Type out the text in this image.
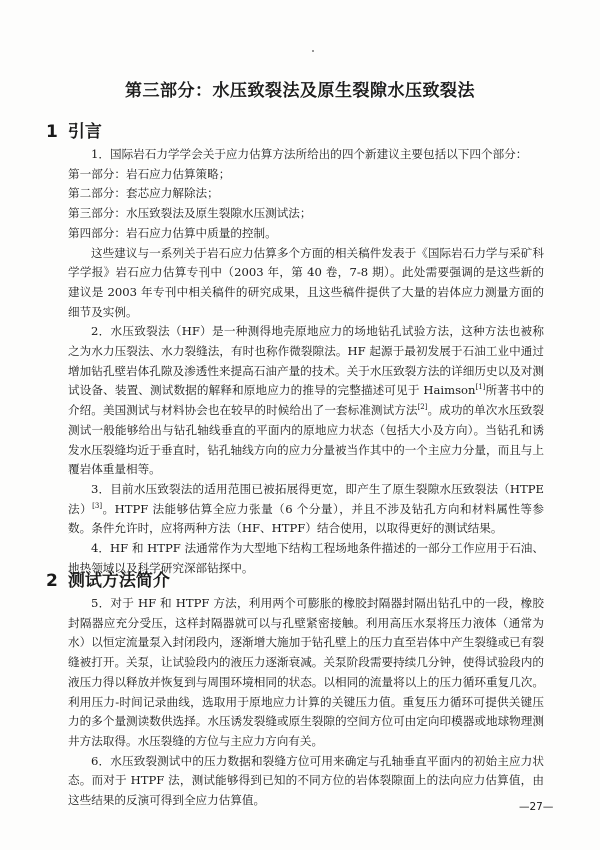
第三部分：水压致裂法及原生裂隙水压致裂法
1 引言

1．国际岩石力学学会关于应力估算方法所给出的四个新建议主要包括以下四个部分：

第一部分：岩石应力估算策略；

第二部分：套芯应力解除法；

第三部分：水压致裂法及原生裂隙水压测试法；

第四部分：岩石应力估算中质量的控制。

这些建议与一系列关于岩石应力估算多个方面的相关稿件发表于《国际岩石力学与采矿科学学报》岩石应力估算专刊中（2003 年，第 40 卷，7-8 期）。此处需要强调的是这些新的建议是 2003 年专刊中相关稿件的研究成果，且这些稿件提供了大量的岩体应力测量方面的细节及实例。

2．水压致裂法（HF）是一种测得地壳原地应力的场地钻孔试验方法，这种方法也被称之为水力压裂法、水力裂缝法，有时也称作微裂隙法。HF 起源于最初发展于石油工业中通过增加钻孔壁岩体孔隙及渗透性来提高石油产量的技术。关于水压致裂方法的详细历史以及对测试设备、装置、测试数据的解释和原地应力的推导的完整描述可见于 Haimson[1]所著书中的介绍。美国测试与材料协会也在较早的时候给出了一套标准测试方法[2]。成功的单次水压致裂测试一般能够给出与钻孔轴线垂直的平面内的原地应力状态（包括大小及方向）。当钻孔和诱发水压裂缝均近于垂直时，钻孔轴线方向的应力分量被当作其中的一个主应力分量，而且与上覆岩体重量相等。

3．目前水压致裂法的适用范围已被拓展得更宽，即产生了原生裂隙水压致裂法（HTPE 法）[3]。HTPF 法能够估算全应力张量（6 个分量），并且不涉及钻孔方向和材料属性等参数。条件允许时，应将两种方法（HF、HTPF）结合使用，以取得更好的测试结果。

4．HF 和 HTPF 法通常作为大型地下结构工程场地条件描述的一部分工作应用于石油、地热领域以及科学研究深部钻探中。

2 测试方法简介

5．对于 HF 和 HTPF 方法，利用两个可膨胀的橡胶封隔器封隔出钻孔中的一段，橡胶封隔器应充分受压，这样封隔器就可以与孔壁紧密接触。利用高压水泵将压力液体（通常为水）以恒定流量泵入封闭段内，逐渐增大施加于钻孔壁上的压力直至岩体中产生裂缝或已有裂缝被打开。关泵，让试验段内的液压力逐渐衰减。关泵阶段需要持续几分钟，使得试验段内的液压力得以释放并恢复到与周围环境相同的状态。以相同的流量将以上的压力循环重复几次。利用压力-时间记录曲线，选取用于原地应力计算的关键压力值。重复压力循环可提供关键压力的多个量测读数供选择。水压诱发裂缝或原生裂隙的空间方位可由定向印模器或地球物理测井方法取得。水压裂缝的方位与主应力方向有关。

6．水压致裂测试中的压力数据和裂缝方位可用来确定与孔轴垂直平面内的初始主应力状态。而对于 HTPF 法，测试能够得到已知的不同方位的岩体裂隙面上的法向应力估算值，由这些结果的反演可得到全应力估算值。	—27—
